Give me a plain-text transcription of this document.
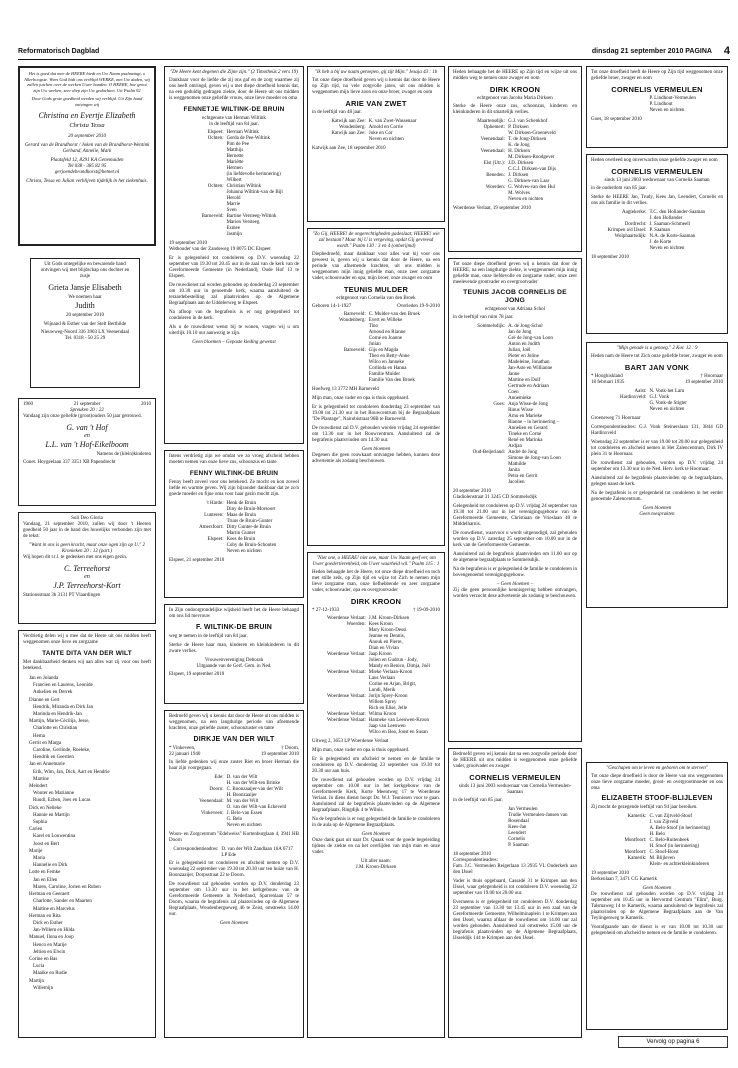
Reformatorisch Dagblad	dinsdag 21 september 2010 PAGINA 4
Het is goed dat mee de HEERE biedt en Uw Naam psalmzingt, o Allerhoogste. Wees God bidt ons verblijd WERKE, met Uw daden, wij zullen juichen over de werken Uwer handen. O HEERE, hoe groot zijn Uw werken, zeer diep zijn Uw gedachten. Uit Psalm 92
Door Gods grote goedheid werden wij verblijd. Uit Zijn hand ontvingen wij
Christina en Evertje Elizabeth
Christa Tessa
20 september 2010
Gerard van de Brandhorst / Joken van de Brandhorst-Wentink
Gerband, Annelie, Mark
Plaatsfeld 12, 8291 KA Genemuiden
Tel 038 - 385 82 95
gerjoendebrandhorst@hetnet.nl
Christa, Tessa en Julian verblijven tijdelijk in het ziekenhuis.
Uit Gods ontegelijke en bewarende hand ontvingen wij met blijdschap ons dochter en zusje
Grieta Jansje Elisabeth
We noemen haar
Judith
20 september 2010
Wijnand & Esther van der Stelt Berthilde
Nieuwweg-Noord 336 3903 LX Veenendaal
Tel. 0318 - 50 25 29
1960	21 september	2010
Spreuken 20 : 22
Vandaag zijn onze geliefde (groot)ouders 50 jaar getrouwd.
G. van 't Hof
en
L.L. van 't Hof-Eikelboom
Namens de (klein)kinderen
Conet. Hoygeelaan 337 3351 XB Papendrecht
Soli Deo Gloria
Vandaag, 21 september 2010, zullen wij door 't Heeren goedheid 50 jaar in de band des huwelijks verbonden zijn met de tekst:
"Want in ons is geen kracht, maar onze ogen zijn op U." 2 Kronieken 20 : 12 (part.)
Wij hopen dit t.t.l. te gedenken met ons eigen gezin.
C. Terreehorst
en
J.P. Terreehorst-Kort
Stationsstraat 3b 3131 PT Vlaardingen
Verdrietig delen wij u mee dat de Heere uit ons midden heeft weggenomen onze lieve en zorgzame
TANTE DITA VAN DER WILT
Met dankbaarheid denken wij aan alles wat zij voor ons heeft betekend.
Jan en Jolanda
Francien en Laurens, Leonide
Ankelien en Derrek
Dianne en Gert
Hendrik, Miranda en Dirk Jan
Marinda en Hendrik-Jan
Martijn, Marie-Cécilija, Jesse,
Charlotte en Christian
Hema
Gerrit en Marga
Caroline, Gerlinde, Roeleke,
Hendrik en Geertien
Jan en Annemarie
Erik, Wim, Jan, Dick, Aart en Hendrie
Martine
Meindert
Wouter en Marianne
Ruudi, Ezben, Joes en Lucas
Dick en Nelleke
Hannie en Martijn
Sophia
Carien
Karel en Louwentina
Joost en Bert
Marije
Maria
Hannelie en Dirk
Lotte en Femke
Jan en Ellen
Maren, Caroline, Jorien en Ruben
Herman en Geeraert
Charlotte, Sander en Maarten
Martine en Marcelus
Herman en Rita
Dick en Esther
Jan-Willem en Hilda
Manuel, Ilona en Joop
Henco en Marije
Jeltien en Elwin
Corine en Bas
Lucia
Maaike en Rudie
Martijn
Willemijn
"De Heere kent degenen die Zijne zijn." (2 Timotheüs 2 vers 19)
Dankbaar voor de liefde die zij ons gaf en de zorg waarmee zij ons heeft omringd, geven wij u met diepe droefheid kennis dat, na een geduldig gedragen ziekte, door de Heere uit ons midden is weggenomen onze geliefde vrouw, onze lieve moeder en oma
FENNETJE WILTINK-DE BRUIN
echtgenote van Herman Wiltink
in de leeftijd van 84 jaar.
Elspeet: Herman Wiltink
Ochten: Gerda de Pee-Wiltink
Pim de Pee
Matthijs
Bernette
Mariëtte
Hermen
(in liefdevolle herinnering)
Wilbert
Ochten: Christian Wiltink
Johanna Wiltink-van de Bijl
Herold
Marrie
Sven
Barneveld: Bartine Versteeg-Wiltink
Marien Versteeg
Esmee
Jasmijn
19 september 2010
Wethouder van der Zandeweg 19 8075 DC Elspeet
Er is gelegenheid tot condoleren op D.V. woensdag 22 september van 19.30 tot 20.45 uur in de zaal van de kerk van de Gereformeerde Gemeente (in Nederland), Oude Hof 13 te Elspeet.
De rouwdienst zal worden gehouden op donderdag 23 september om 10.30 uur in genoemde kerk, waarna aansluitend de teraardebestelling zal plaatsvinden op de Algemene Begraafplaats aan de Uddelerweg te Elspeet.
Na afloop van de begrafenis is er nog gelegenheid tot condoleren in de kerk.
Als u de rouwdienst wenst bij te wonen, vragen wij u om uiterlijk 10.10 uur aanwezig te zijn.
Geen bloemen – Gepaste kleding gewenst
Intens verdrietig zijn we omdat we zo vroeg afscheid hebben moeten nemen van onze lieve zus, schoonzus en tante
FENNY WILTINK-DE BRUIN
Fenny heeft zoveel voor ons betekend. Ze mocht en kon zoveel liefde en warmte geven. Wij zijn bijzonder dankbaar dat ze zo'n goede moeder en fijne oma voor haar gezin mocht zijn.
't Harde: Henk de Bruin
Diny de Bruin-Morsoort
Lunteren: Maas de Bruin
Truus de Bruin-Gunter
Amersfoort: Ditty Gunter-de Bruin
Martin Gunter
Elspeet: Kees de Bruin
Coby de Bruin-Schouten
Neven en nichten
Elspeet, 21 september 2010
In Zijn ondoorgrondelijke wijsheid heeft het de Heere behaagd om ons lid mevrouw
F. WILTINK-DE BRUIN
weg te nemen in de leeftijd van 84 jaar.
Sterke de Heere haar man, kinderen en kleinkinderen in dit zware verlies.
Vrouwenvereniging Deborah
Uitgaande van de Gerf. Gem. in Ned.
Elspeet, 19 september 2010
Bedroefd geven wij u kennis dat door de Heere uit ons midden is weggenomen, na een langdurige periode van afnemende krachten, onze geliefde zuster, schoonzuster en tante
DIRKJE VAN DER WILT
* Vinkeveen,	† Doorn,
22 januari 1940	19 september 2010
In liefde gedenken wij onze zuster Riet en broer Herman die haar zijn voorgegaan.
Ede: D. van der Wilt
H. van der Wilt-ten Brinke
Doorn: C. Boonzaaijer-van der Wilt
H. Boonzaaijer
Veenendaal: M. van der Wilt
O. van der Wilt-van Eckeveld
Vinkeveen: J. Belo-van Essen
G. Belo
Neven en nichten
Woon- en Zorgcentrum "Edelweiss" Kortenburglaan 4, 3941 HB Doorn
Correspondentieadres: D. van der Wilt Zandlaan 16A 6717 LP Ede
Er is gelegenheid tot condoleren en afscheid nemen op D.V. woensdag 22 september van 19.30 tot 20.30 uur ten huize van H. Boonzaaijer, Dorpsstraat 22 te Doorn.
De rouwdienst zal gehouden worden op D.V. donderdag 23 september om 13.30 uur in het kerkgebouw van de Gereformeerde Gemeente in Nederland, Sparrenlaan 57 te Doorn, waarna de begrafenis zal plaatsvinden op de Algemene Begraafplaats, Woudenbergseweg 46 te Zeist, omstreeks 14.00 uur.
Geen bloemen
"Ik heb u bij uw naam geroepen, gij zijt Mijn." Jesaja 43 : 1b
Tot onze diepe droefheid geven wij u kennis dat door de Heere op Zijn tijd, na vele zorgvolle jaren, uit ons midden is weggenomen mijn lieve zoon en onze broer, zwager en oom
ARIE VAN ZWET
in de leeftijd van 48 jaar.
Katwijk aan Zee: K. van Zwet-Wassenaar
Woudenberg: Arnold en Corrie
Katwijk aan Zee: Joke en Cor
Neven en nichten
Katwijk aan Zee, 18 september 2010
"Zo Gij, HEERE! de ongerechtigheden gadeslaat; HEERE! wie zal bestaan? Maar bij U is vergeving, opdat Gij gevreesd wordt." Psalm 130 : 3 en 4 (onberijmd)
Diepbedroefd, maar dankbaar voor alles wat hij voor ons geweest is, geven wij u kennis dat door de Heere, na een periode van afnemende krachten, uit ons midden is weggenomen mijn innig geliefde man, onze zeer zorgzame vader, schoonvader en opa, mijn broer, onze zwager en oom
TEUNIS MULDER
echtgenoot van Cornelia van den Broek
Geboren 14-1-1927	Overleden 19-9-2010
Barneveld: C. Mulder-van den Broek
Woudenberg: Evert en Willeke
Tino
Arnoud en Rianne
Corné en Joanne
Julian
Barneveld: Gijs en Magda
Theo en Betty-Anne
Wilco en Janneke
Corlinda en Hanna
Familie Mulder
Familie Van den Broek
Hoefweg 13 3772 MH Barneveld
Mijn man, onze vader en opa is thuis opgebaard.
Er is gelegenheid tot condoleren donderdag 23 september van 19.00 tot 21.30 uur in het Rouwcentrum bij de Begraafplaats "De Plantage", Nairobistraat 96B te Barneveld.
De rouwdienst zal D.V. gehouden worden vrijdag 24 september om 13.30 uur in het Rouwcentrum. Aansluitend zal de begrafenis plaatsvinden om 14.30 uur.
Geen bloemen
Degenen die geen rouwkaart ontvangen hebben, kunnen deze advertentie als zodanig beschouwen.
"Niet one, o HEERE! niet one, maar Uw Naam geef eer, om Uwer goedertierenheid, om Uwer waarheid wil." Psalm 115 : 1
Heden behaagde het de Heere, tot onze diepe droefheid en toch met stille zeik, op Zijn tijd en wijze tot Zich te nemen mijn lieve zorgzame man, onze liefhebbende en zeer zorgzame vader, schoonvader, opa en overgrootvader
DIRK KROON
* 27-12-1933	† 19-09-2010
Woerdense Verlaat: J.M. Kroon-Dirksen
Woerden: Kees Kroon
Mary Kroon-Dessi
Jeanne en Dennis,
Anouk en Pierre,
Dian en Vivian
Woerdense Verlaat: Jaap Kroon
Jolien en Gudrun - Jody,
Mandy en Benico, Dimja, Joël
Woerdense Verlaat: Mieke Verlaan-Kroon
Laus Verlaan
Corine en Arjan, Brigit,
Lundi, Merik
Woerdense Verlaat: Jorijn Sprey-Kroon
Willem Sprey
Rich en Elise, Jelle
Woerdense Verlaat: Wilma Kroon
Woerdense Verlaat: Hanneke van Leeuwen-Kroon
Jaap van Leeuwen
Wilco en Bea, Joost en Susan
Uitweg 2, 3653 LP Woerdense Verlaat
Mijn man, onze vader en opa is thuis opgebaard.
Er is gelegenheid om afscheid te nemen en de familie te condoleren op D.V. donderdag 23 september van 19.30 tot 20.30 uur aan huis.
De rouwdienst zal gehouden worden op D.V. vrijdag 24 september om 10.00 uur in het kerkgebouw van de Gereformeerde Kerk, Korte Meentweg 17 te Woerdense Verlaat. In diens dienst hoopt Ds. W.J. Teunissen voor te gaan. Aansluitend zal de begrafenis plaatsvinden op de Algemene Begraafplaats, Ringdijk 4 te Wilnis.
Na de begrafenis is er nog gelegenheid de familie te condoleren in de aula op de Algemene Begraafplaats.
Geen bloemen
Onze dank gaat uit naar Dr. Quaak voor de goede begeleiding tijdens de ziekte en na het overlijden van mijn man en onze vader.
Uit aller naam:
J.M. Kroon-Dirksen
Heden behaagde het de HEERE op Zijn tijd en wijze uit ons midden weg te nemen onze zwager en oom
DIRK KROON
echtgenoot van Jacoba Maria Dirksen
Sterke de Heere onze zus, schoonzus, kinderen en kleinkinderen in dit smartelijk verlies.
Maartensdijk: G.J. van Schenkhof
Ophemert: P. Dirksen
W. Dirksen-Groeneveld
Veenendaal: T. de Jong-Dirksen
K. de Jong
Veenendaal: H. Dirksen
M. Dirksen-Roodgever
Elst (Utr.): J.D. Dirksen
C.C.J. Dirksen-van Dijs
Beneden: J. Dirksen
G. Dirksen-van Laar
Woerden: G. Wolves-van den Hul
M. Wolves
Neven en nichten
Woerdense Verlaat, 19 september 2010
Tot onze diepe droefheid geven wij u kennis dat door de HEERE, na een langdurige ziekte, is weggenomen mijn innig geliefde man, onze liefdevolle en zorgzame vader, onze zeer meelevende grootvader en overgrootvader
TEUNIS JACOB CORNELIS DE JONG
echtgenoot van Adriana Schol
in de leeftijd van ruim 78 jaar.
Sommelsdijk: A. de Jong-Schol
Jan de Jong
Gré de Jong-van Loon
Anton en Judith
Julian, Joël
Pieter en Joline
Madeleine, Jonathan
Jan-Aste en Willianne
Janne
Martine en Dolf
Gertrude en Adriaan
Coen
Annemieke
Goes: Anja Wisse-de Jong
Rinus Wisse
Arno en Marieke
Rianne – in herinnering –
Annelien en Gerard
Tineke en Corné
René en Marinka
Ardjan
Oud-Beijerland: André de Jong
Simone de Jong-van Loon
Mathilde
Janita
Petra en Gerrit
Jacolien
20 september 2010
Gladiolenstraat 31 3245 CD Sommelsdijk
Gelegenheid tot condoleren op D.V. vrijdag 24 september van 19.30 tot 21.00 uur in het verenigingsgebouw van de Gereformeerde Gemeente, Christiaan de Vrieslaan 40 te Middelharnis.
De rouwdienst, waarvoor u wordt uitgenodigd, zal gehouden worden op D.V. zaterdag 25 september om 10.00 uur in de kerk van de Gereformeerde Gemeente.
Aansluitend zal de begrafenis plaatsvinden om 11.00 uur op de algemene begraafplaats te Sommelsdijk.
Na de begrafenis is er gelegenheid de familie te condoleren in bovengenoemd verenigingsgebouw.
– Geen bloemen –
Zij die geen persoonlijke kennisgeving hebben ontvangen, worden verzocht deze advertentie als zodanig te beschouwen.
Bedroefd geven wij kennis dat na een zorgvolle periode door de HEERE uit ons midden is weggenomen onze geliefde vader, grootvader en zwager
CORNELIS VERMEULEN
sinds 13 juni 2003 weduwnaar van Cornelia Vermeulen-Saaman
in de leeftijd van 85 jaar.
Jan Vermeulen
Trudie Vermeulen-Jansen van Rosendaal
Kees-Jan
Leendert
Cornelis
P. Saaman
18 september 2010
Correspondentieadres:
Fam. J.C. Vermeulen Reigerlaan 13 2935 VL Ouderkerk aan den IJssel
Vader is thuis opgebaard, Cassadé 31 te Krimpen aan den IJssel, waar gelegenheid is tot condoleren D.V. woensdag 22 september van 19.00 tot 20.00 uur.
Everneens is er gelegenheid tot condoleren D.V. donderdag 23 september van 13.30 tot 13.45 uur in een zaal van de Gereformeerde Gemeente, Wilhelminaplein 1 te Krimpen aan den IJssel, waarna afdaar de rouwdienst om 14.00 uur zal worden gehouden. Aansluitend zal omstreeks 15.00 uur de begrafenis plaatsvinden op de Algemene Begraafplaats, IJsseldijk 144 te Krimpen aan den IJssel.
Tot onze droefheid heeft de Heere op Zijn tijd weggenomen onze geliefde broer, zwager en oom
CORNELIS VERMEULEN
P. Lindhout-Vermeulen
P. Lindhout
Neven en nichten
Goes, 18 september 2010
Heden overleed nog onverwachts onze geliefde zwager en oom
CORNELIS VERMEULEN
sinds 13 juni 2003 weduwnaar van Cornelia Saaman
in de ouderdom van 85 jaar.
Sterke de HEERE Jan, Trudy, Kees Jan, Leendert, Cornelis en ons als familie in dit verlies.
Aagtekerke: T.C. den Hollander-Saaman
J. den Hollander
Dordrecht: J. Saaman-Schmeell
Krimpen a/d IJssel: P. Saaman
Wolphaartsdijk: N.A. de Korte-Saaman
J. de Korte
Neven en nichten
18 september 2010
"Mijn genade is u genoeg." 2 Kor. 12 : 9
Heden nam de Heere tot Zich onze geliefde broer, zwager en oom
BART JAN VONK
* Hooghiskland	† Hoornaar
18 februari 1935	19 september 2010
Aalst: N. Vonk-het Lam
Hardinxveld: G.J. Vonk
G. Vonk-de Stigter
Neven en nichten
Groeneweg 71 Hoornaar
Correspondentieadres: G.J. Vonk Steinerslaan 131, 3844 GD Hardinxveld
Woensdag 22 september is er van 19.00 tot 20.00 uur gelegenheid tot condoleren en afscheid nemen in Het Zalencentrum, Dirk IV plein 31 te Hoornaar.
De rouwdienst zal gehouden, worden op D.V. vrijdag 24 september om 13.30 uur in de Ned. Herv. kerk te Hoornaar.
Aansluitend zal de begrafenis plaatsvinden op de begraafplaats, gelegen naast de kerk.
Na de begrafenis is er gelegenheid tot condoleren in het eerder genoemde Zalencentrum.
Geen bloemen
Geen toesprakten
"Geschapen om te leven en geboren om te sterven"
Tot onze diepe droefheid is door de Heere van ons weggenomen onze lieve zorgzame moeder, groot- en overgrootmoeder en ons oma
ELIZABETH STOOF-BLIJLEVEN
Zij mocht de gezegende leeftijd van 94 jaar bereiken.
Kamerik: C. van Zijtveld-Stoof
J. van Zijtveld
A. Belo-Stoof (in herinnering)
H. Belo
Montfoort: C. Belo-Ruitenbeek
H. Stoof (in herinnering)
Montfoort: C. Stoof-Borst
Kamerik: M. Blijleven
Klein- en achterkleinkinderen
19 september 2010
Berkenlaan 7, 3471 CG Kamerik
Geen bloemen
De rouwdienst zal gehouden worden op D.V. vrijdag 24 september om 10.45 uur in Hervormd Centrum "Elim", Burg. Talsmaweg 14 te Kamerik, waarna aansluitend de begrafenis zal plaatsvinden op de Algemene Begraafplaats aan de Van Teylingenweg te Kamerik.
Voorafgaande aan de dienst is er van 10.00 tot 10.30 uur gelegenheid om afscheid te nemen en de familie te condoleren.
Vervolg op pagina 6
